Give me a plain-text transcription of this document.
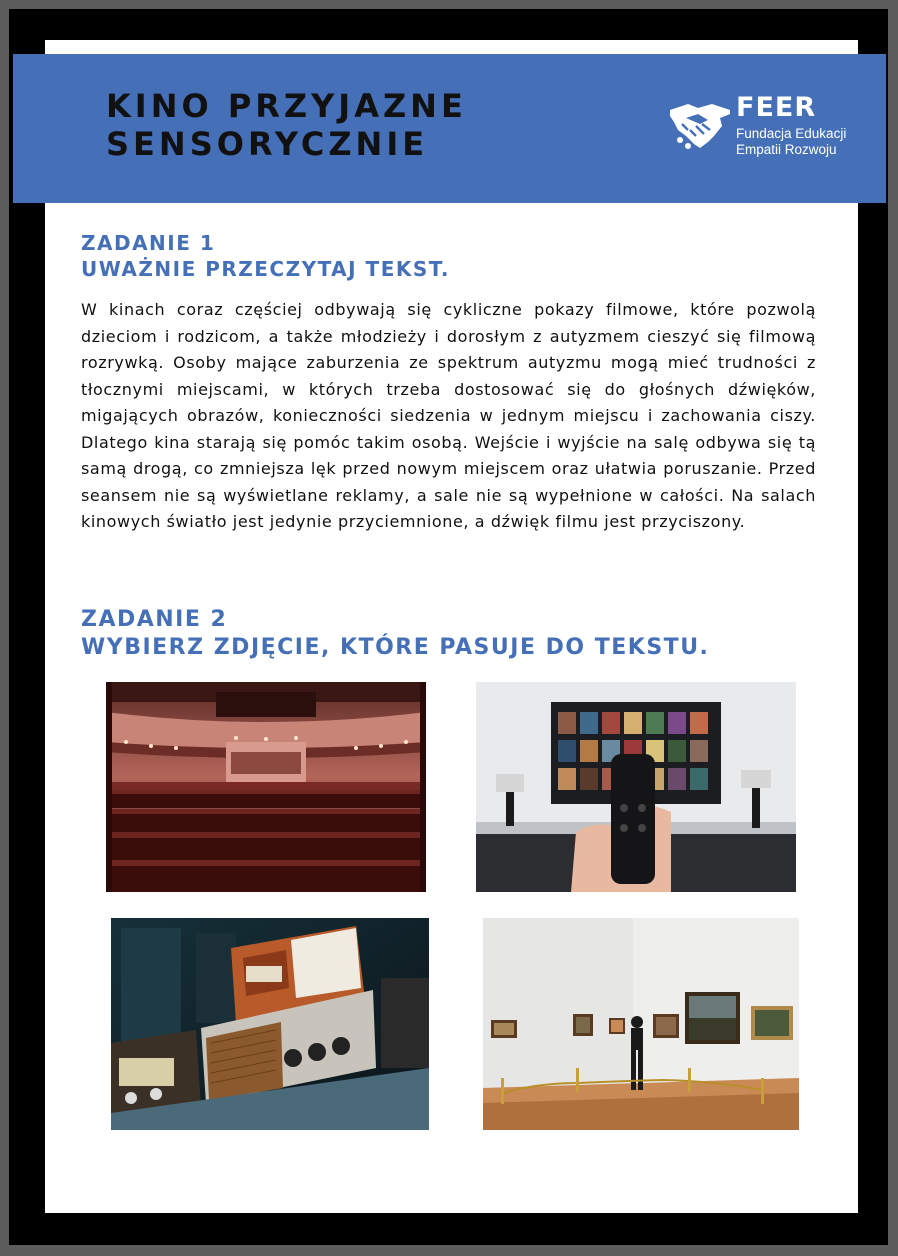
KINO PRZYJAZNE
SENSORYCZNIE
FEER
Fundacja Edukacji
Empatii Rozwoju
ZADANIE 1
UWAŻNIE PRZECZYTAJ TEKST.

W kinach coraz częściej odbywają się cykliczne pokazy filmowe, które pozwolą dzieciom i rodzicom, a także młodzieży i dorosłym z autyzmem cieszyć się filmową rozrywką. Osoby mające zaburzenia ze spektrum autyzmu mogą mieć trudności z tłocznymi miejscami, w których trzeba dostosować się do głośnych dźwięków, migających obrazów, konieczności siedzenia w jednym miejscu i zachowania ciszy. Dlatego kina starają się pomóc takim osobą. Wejście i wyjście na salę odbywa się tą samą drogą, co zmniejsza lęk przed nowym miejscem oraz ułatwia poruszanie. Przed seansem nie są wyświetlane reklamy, a sale nie są wypełnione w całości. Na salach kinowych światło jest jedynie przyciemnione, a dźwięk filmu jest przyciszony.

ZADANIE 2
WYBIERZ ZDJĘCIE, KTÓRE PASUJE DO TEKSTU.
